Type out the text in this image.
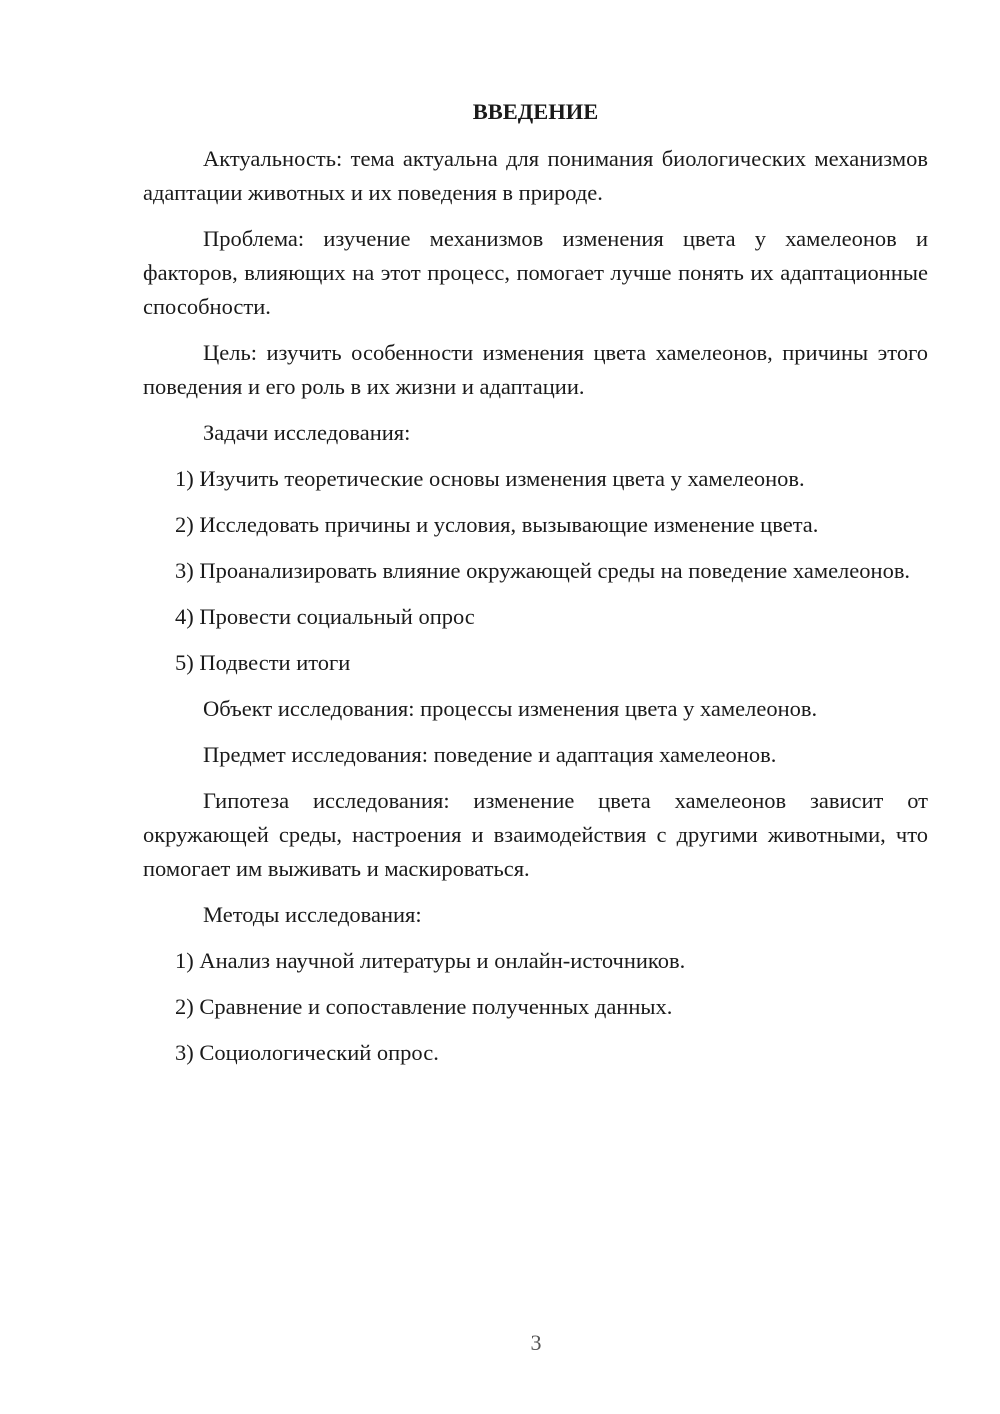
ВВЕДЕНИЕ
Актуальность: тема актуальна для понимания биологических механизмов адаптации животных и их поведения в природе.
Проблема: изучение механизмов изменения цвета у хамелеонов и факторов, влияющих на этот процесс, помогает лучше понять их адаптационные способности.
Цель: изучить особенности изменения цвета хамелеонов, причины этого поведения и его роль в их жизни и адаптации.
Задачи исследования:
1) Изучить теоретические основы изменения цвета у хамелеонов.
2) Исследовать причины и условия, вызывающие изменение цвета.
3) Проанализировать влияние окружающей среды на поведение хамелеонов.
4) Провести социальный опрос
5) Подвести итоги
Объект исследования: процессы изменения цвета у хамелеонов.
Предмет исследования: поведение и адаптация хамелеонов.
Гипотеза исследования: изменение цвета хамелеонов зависит от окружающей среды, настроения и взаимодействия с другими животными, что помогает им выживать и маскироваться.
Методы исследования:
1) Анализ научной литературы и онлайн-источников.
2) Сравнение и сопоставление полученных данных.
3) Социологический опрос.
3
